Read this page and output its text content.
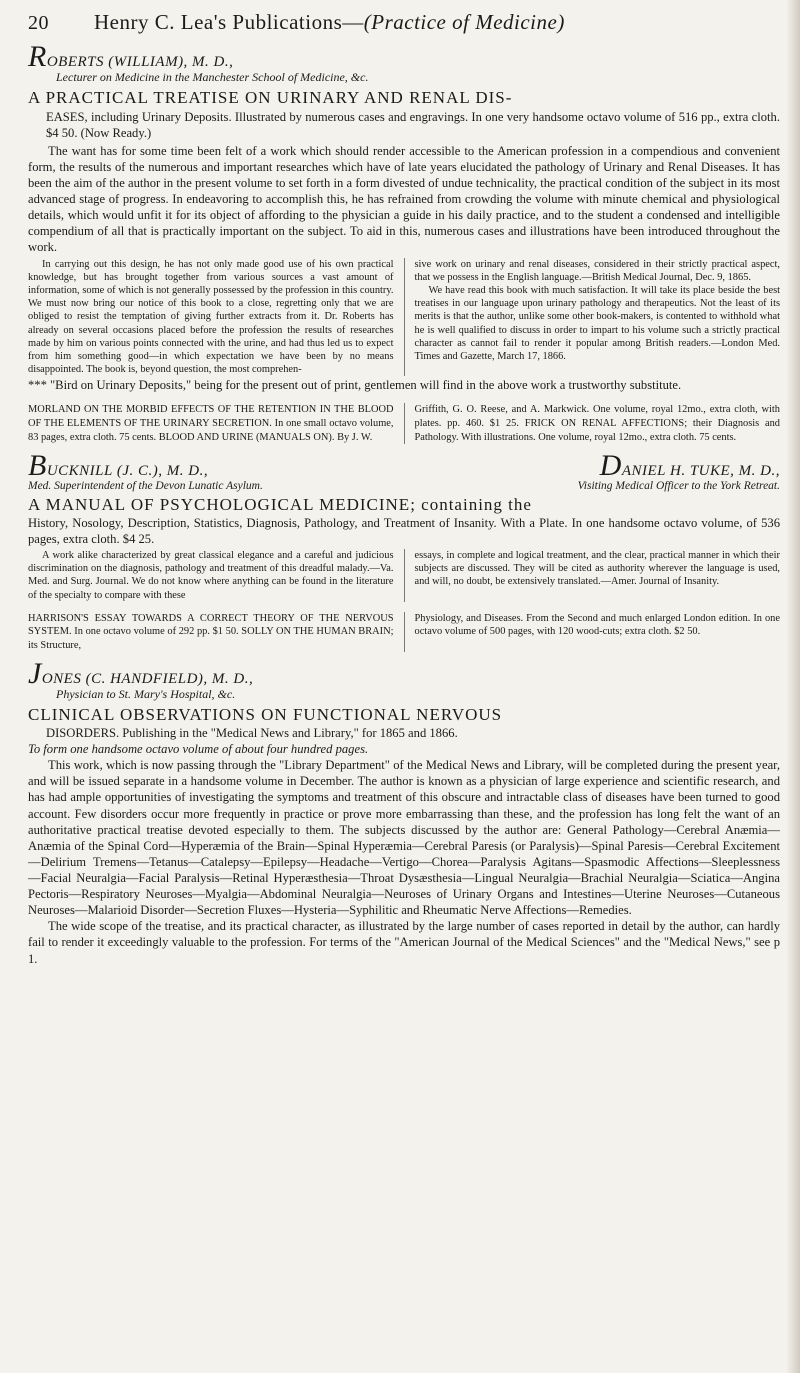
20	Henry C. Lea's Publications—(Practice of Medicine)
ROBERTS (WILLIAM), M. D.,
Lecturer on Medicine in the Manchester School of Medicine, &c.
A PRACTICAL TREATISE ON URINARY AND RENAL DIS-

EASES, including Urinary Deposits. Illustrated by numerous cases and engravings. In one very handsome octavo volume of 516 pp., extra cloth. $4 50. (Now Ready.)

The want has for some time been felt of a work which should render accessible to the American profession in a compendious and convenient form, the results of the numerous and important researches which have of late years elucidated the pathology of Urinary and Renal Diseases. It has been the aim of the author in the present volume to set forth in a form divested of undue technicality, the practical condition of the subject in its most advanced stage of progress. In endeavoring to accomplish this, he has refrained from crowding the volume with minute chemical and physiological details, which would unfit it for its object of affording to the physician a guide in his daily practice, and to the student a condensed and intelligible compendium of all that is practically important on the subject. To aid in this, numerous cases and illustrations have been introduced throughout the work.

In carrying out this design, he has not only made good use of his own practical knowledge, but has brought together from various sources a vast amount of information, some of which is not generally possessed by the profession in this country. We must now bring our notice of this book to a close, regretting only that we are obliged to resist the temptation of giving further extracts from it. Dr. Roberts has already on several occasions placed before the profession the results of researches made by him on various points connected with the urine, and had thus led us to expect from him something good—in which expectation we have been by no means disappointed. The book is, beyond question, the most comprehen-

sive work on urinary and renal diseases, considered in their strictly practical aspect, that we possess in the English language.—British Medical Journal, Dec. 9, 1865.

We have read this book with much satisfaction. It will take its place beside the best treatises in our language upon urinary pathology and therapeutics. Not the least of its merits is that the author, unlike some other book-makers, is contented to withhold what he is well qualified to discuss in order to impart to his volume such a strictly practical character as cannot fail to render it popular among British readers.—London Med. Times and Gazette, March 17, 1866.

*** "Bird on Urinary Deposits," being for the present out of print, gentlemen will find in the above work a trustworthy substitute.

MORLAND ON THE MORBID EFFECTS OF THE RETENTION IN THE BLOOD OF THE ELEMENTS OF THE URINARY SECRETION. In one small octavo volume, 83 pages, extra cloth. 75 cents. BLOOD AND URINE (MANUALS ON). By J. W.
Griffith, G. O. Reese, and A. Markwick. One volume, royal 12mo., extra cloth, with plates. pp. 460. $1 25. FRICK ON RENAL AFFECTIONS; their Diagnosis and Pathology. With illustrations. One volume, royal 12mo., extra cloth. 75 cents.
BUCKNILL (J. C.), M. D.,	DANIEL H. TUKE, M. D.,
Med. Superintendent of the Devon Lunatic Asylum.	Visiting Medical Officer to the York Retreat.
A MANUAL OF PSYCHOLOGICAL MEDICINE; containing the

History, Nosology, Description, Statistics, Diagnosis, Pathology, and Treatment of Insanity. With a Plate. In one handsome octavo volume, of 536 pages, extra cloth. $4 25.

A work alike characterized by great classical elegance and a careful and judicious discrimination on the diagnosis, pathology and treatment of this dreadful malady.—Va. Med. and Surg. Journal. We do not know where anything can be found in the literature of the specialty to compare with these

essays, in complete and logical treatment, and the clear, practical manner in which their subjects are discussed. They will be cited as authority wherever the language is used, and will, no doubt, be extensively translated.—Amer. Journal of Insanity.

HARRISON'S ESSAY TOWARDS A CORRECT THEORY OF THE NERVOUS SYSTEM. In one octavo volume of 292 pp. $1 50. SOLLY ON THE HUMAN BRAIN; its Structure,
Physiology, and Diseases. From the Second and much enlarged London edition. In one octavo volume of 500 pages, with 120 wood-cuts; extra cloth. $2 50.
JONES (C. HANDFIELD), M. D.,
Physician to St. Mary's Hospital, &c.
CLINICAL OBSERVATIONS ON FUNCTIONAL NERVOUS

DISORDERS. Publishing in the "Medical News and Library," for 1865 and 1866.

To form one handsome octavo volume of about four hundred pages.

This work, which is now passing through the "Library Department" of the Medical News and Library, will be completed during the present year, and will be issued separate in a handsome volume in December. The author is known as a physician of large experience and scientific research, and has had ample opportunities of investigating the symptoms and treatment of this obscure and intractable class of diseases have been turned to good account. Few disorders occur more frequently in practice or prove more embarrassing than these, and the profession has long felt the want of an authoritative practical treatise devoted especially to them. The subjects discussed by the author are: General Pathology—Cerebral Anæmia—Anæmia of the Spinal Cord—Hyperæmia of the Brain—Spinal Hyperæmia—Cerebral Paresis (or Paralysis)—Spinal Paresis—Cerebral Excitement—Delirium Tremens—Tetanus—Catalepsy—Epilepsy—Headache—Vertigo—Chorea—Paralysis Agitans—Spasmodic Affections—Sleeplessness—Facial Neuralgia—Facial Paralysis—Retinal Hyperæsthesia—Throat Dysæsthesia—Lingual Neuralgia—Brachial Neuralgia—Sciatica—Angina Pectoris—Respiratory Neuroses—Myalgia—Abdominal Neuralgia—Neuroses of Urinary Organs and Intestines—Uterine Neuroses—Cutaneous Neuroses—Malarioid Disorder—Secretion Fluxes—Hysteria—Syphilitic and Rheumatic Nerve Affections—Remedies.

The wide scope of the treatise, and its practical character, as illustrated by the large number of cases reported in detail by the author, can hardly fail to render it exceedingly valuable to the profession. For terms of the "American Journal of the Medical Sciences" and the "Medical News," see p 1.
